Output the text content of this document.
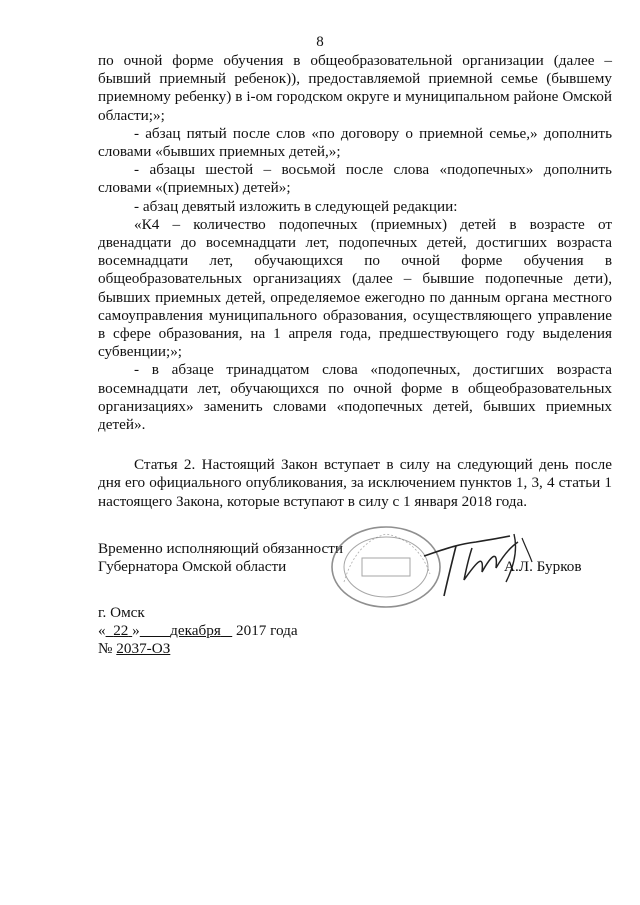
8

по очной форме обучения в общеобразовательной организации (далее – бывший приемный ребенок)), предоставляемой приемной семье (бывшему приемному ребенку) в i-ом городском округе и муниципальном районе Омской области;»;

- абзац пятый после слов «по договору о приемной семье,» дополнить словами «бывших приемных детей,»;

- абзацы шестой – восьмой после слова «подопечных» дополнить словами «(приемных) детей»;

- абзац девятый изложить в следующей редакции:

«К4 – количество подопечных (приемных) детей в возрасте от двенадцати до восемнадцати лет, подопечных детей, достигших возраста восемнадцати лет, обучающихся по очной форме обучения в общеобразовательных организациях (далее – бывшие подопечные дети), бывших приемных детей, определяемое ежегодно по данным органа местного самоуправления муниципального образования, осуществляющего управление в сфере образования, на 1 апреля года, предшествующего году выделения субвенции;»;

- в абзаце тринадцатом слова «подопечных, достигших возраста восемнадцати лет, обучающихся по очной форме в общеобразовательных организациях» заменить словами «подопечных детей, бывших приемных детей».

Статья 2. Настоящий Закон вступает в силу на следующий день после дня его официального опубликования, за исключением пунктов 1, 3, 4 статьи 1 настоящего Закона, которые вступают в силу с 1 января 2018 года.

Временно исполняющий обязанности
Губернатора Омской области	А.Л. Бурков
г. Омск
« 22 » декабря 2017 года
№ 2037-ОЗ
